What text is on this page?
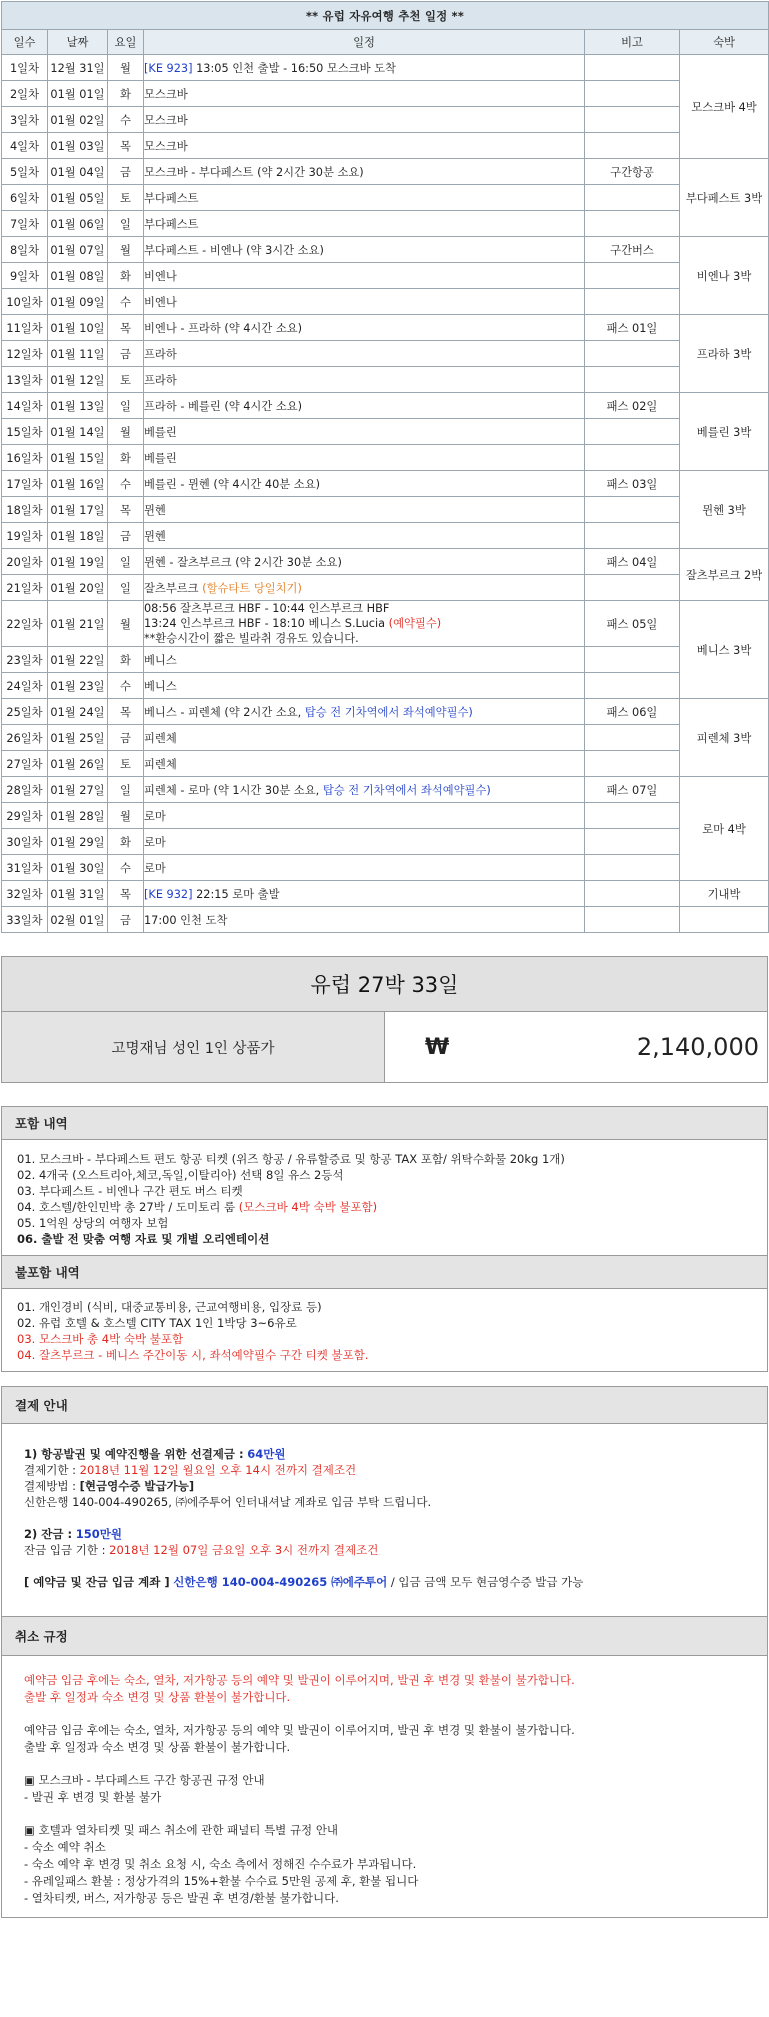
** 유럽 자유여행 추천 일정 **					
일수	날짜	요일	일정	비고	숙박
1일차	12월 31일	월	[KE 923] 13:05 인천 출발 - 16:50 모스크바 도착		모스크바 4박
2일차	01월 01일	화	모스크바		
3일차	01월 02일	수	모스크바		
4일차	01월 03일	목	모스크바		
5일차	01월 04일	금	모스크바 - 부다페스트 (약 2시간 30분 소요)	구간항공	부다페스트 3박
6일차	01월 05일	토	부다페스트		
7일차	01월 06일	일	부다페스트		
8일차	01월 07일	월	부다페스트 - 비엔나 (약 3시간 소요)	구간버스	비엔나 3박
9일차	01월 08일	화	비엔나		
10일차	01월 09일	수	비엔나		
11일차	01월 10일	목	비엔나 - 프라하 (약 4시간 소요)	패스 01일	프라하 3박
12일차	01월 11일	금	프라하		
13일차	01월 12일	토	프라하		
14일차	01월 13일	일	프라하 - 베를린 (약 4시간 소요)	패스 02일	베를린 3박
15일차	01월 14일	월	베를린		
16일차	01월 15일	화	베를린		
17일차	01월 16일	수	베를린 - 뮌헨 (약 4시간 40분 소요)	패스 03일	뮌헨 3박
18일차	01월 17일	목	뮌헨		
19일차	01월 18일	금	뮌헨		
20일차	01월 19일	일	뮌헨 - 잘츠부르크 (약 2시간 30분 소요)	패스 04일	잘츠부르크 2박
21일차	01월 20일	일	잘츠부르크 (할슈타트 당일치기)		
22일차	01월 21일	월	08:56 잘츠부르크 HBF - 10:44 인스부르크 HBF
13:24 인스부르크 HBF - 18:10 베니스 S.Lucia (예약필수)
**환승시간이 짧은 빌라취 경유도 있습니다.	패스 05일	베니스 3박
23일차	01월 22일	화	베니스		
24일차	01월 23일	수	베니스		
25일차	01월 24일	목	베니스 - 피렌체 (약 2시간 소요, 탑승 전 기차역에서 좌석예약필수)	패스 06일	피렌체 3박
26일차	01월 25일	금	피렌체		
27일차	01월 26일	토	피렌체		
28일차	01월 27일	일	피렌체 - 로마 (약 1시간 30분 소요, 탑승 전 기차역에서 좌석예약필수)	패스 07일	로마 4박
29일차	01월 28일	월	로마		
30일차	01월 29일	화	로마		
31일차	01월 30일	수	로마		
32일차	01월 31일	목	[KE 932] 22:15 로마 출발		기내박
33일차	02월 01일	금	17:00 인천 도착		
유럽 27박 33일
고명재님 성인 1인 상품가	₩	2,140,000
포함 내역

01. 모스크바 - 부다페스트 편도 항공 티켓 (위즈 항공 / 유류할증료 및 항공 TAX 포함/ 위탁수화물 20kg 1개)

02. 4개국 (오스트리아,체코,독일,이탈리아) 선택 8일 유스 2등석

03. 부다페스트 - 비엔나 구간 편도 버스 티켓

04. 호스텔/한인민박 총 27박 / 도미토리 룸 (모스크바 4박 숙박 불포함)

05. 1억원 상당의 여행자 보험

06. 출발 전 맞춤 여행 자료 및 개별 오리엔테이션

불포함 내역

01. 개인경비 (식비, 대중교통비용, 근교여행비용, 입장료 등)

02. 유럽 호텔 & 호스텔 CITY TAX 1인 1박당 3~6유로

03. 모스크바 총 4박 숙박 불포함

04. 잘츠부르크 - 베니스 주간이동 시, 좌석예약필수 구간 티켓 불포함.

결제 안내

1) 항공발권 및 예약진행을 위한 선결제금 : 64만원

결제기한 : 2018년 11월 12일 월요일 오후 14시 전까지 결제조건

결제방법 : [현금영수증 발급가능]

신한은행 140-004-490265, ㈜에주투어 인터내셔날 계좌로 입금 부탁 드립니다.

2) 잔금 : 150만원

잔금 입금 기한 : 2018년 12월 07일 금요일 오후 3시 전까지 결제조건

[ 예약금 및 잔금 입금 계좌 ] 신한은행 140-004-490265 ㈜에주투어 / 입금 금액 모두 현금영수증 발급 가능

취소 규정

예약금 입금 후에는 숙소, 열차, 저가항공 등의 예약 및 발권이 이루어지며, 발권 후 변경 및 환불이 불가합니다.

출발 후 일정과 숙소 변경 및 상품 환불이 불가합니다.

예약금 입금 후에는 숙소, 열차, 저가항공 등의 예약 및 발권이 이루어지며, 발권 후 변경 및 환불이 불가합니다.

출발 후 일정과 숙소 변경 및 상품 환불이 불가합니다.

▣ 모스크바 - 부다페스트 구간 항공권 규정 안내

- 발권 후 변경 및 환불 불가

▣ 호텔과 열차티켓 및 패스 취소에 관한 패널티 특별 규정 안내

- 숙소 예약 취소

- 숙소 예약 후 변경 및 취소 요청 시, 숙소 측에서 정해진 수수료가 부과됩니다.

- 유레일패스 환불 : 정상가격의 15%+환불 수수료 5만원 공제 후, 환불 됩니다

- 열차티켓, 버스, 저가항공 등은 발권 후 변경/환불 불가합니다.
